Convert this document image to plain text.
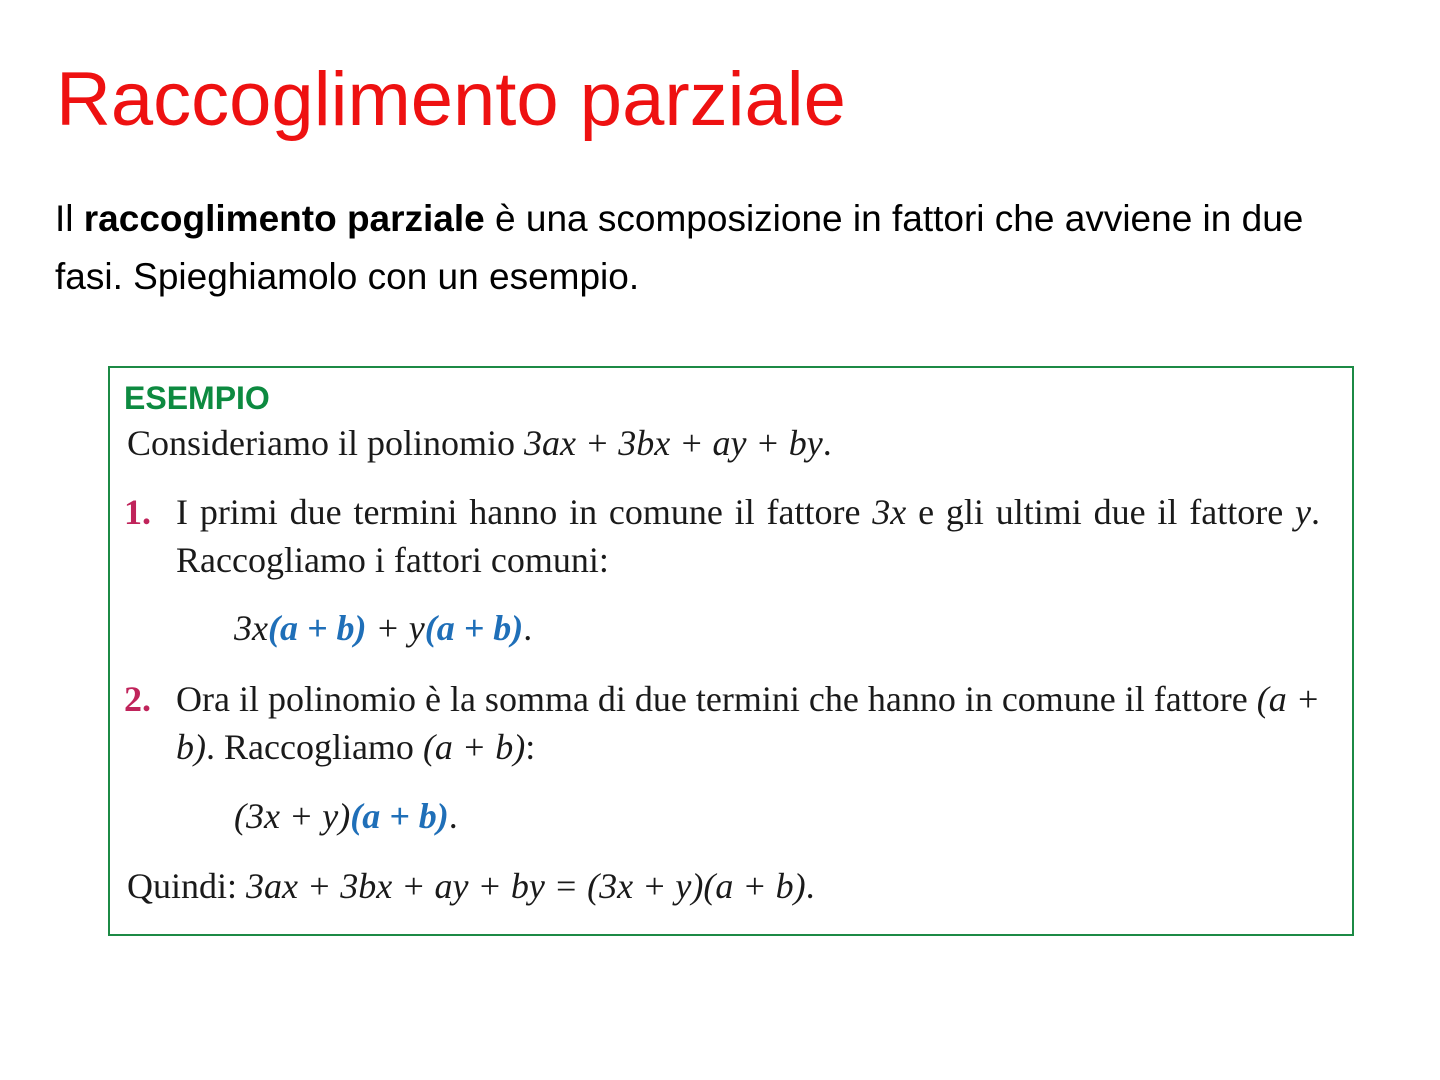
Raccoglimento parziale

Il raccoglimento parziale è una scomposizione in fattori che avviene in due fasi. Spieghiamolo con un esempio.

ESEMPIO
Consideriamo il polinomio 3ax + 3bx + ay + by.
1. I primi due termini hanno in comune il fattore 3x e gli ultimi due il fattore y. Raccogliamo i fattori comuni:
3x(a + b) + y(a + b).
2. Ora il polinomio è la somma di due termini che hanno in comune il fattore (a + b). Raccogliamo (a + b):
(3x + y)(a + b).
Quindi: 3ax + 3bx + ay + by = (3x + y)(a + b).
